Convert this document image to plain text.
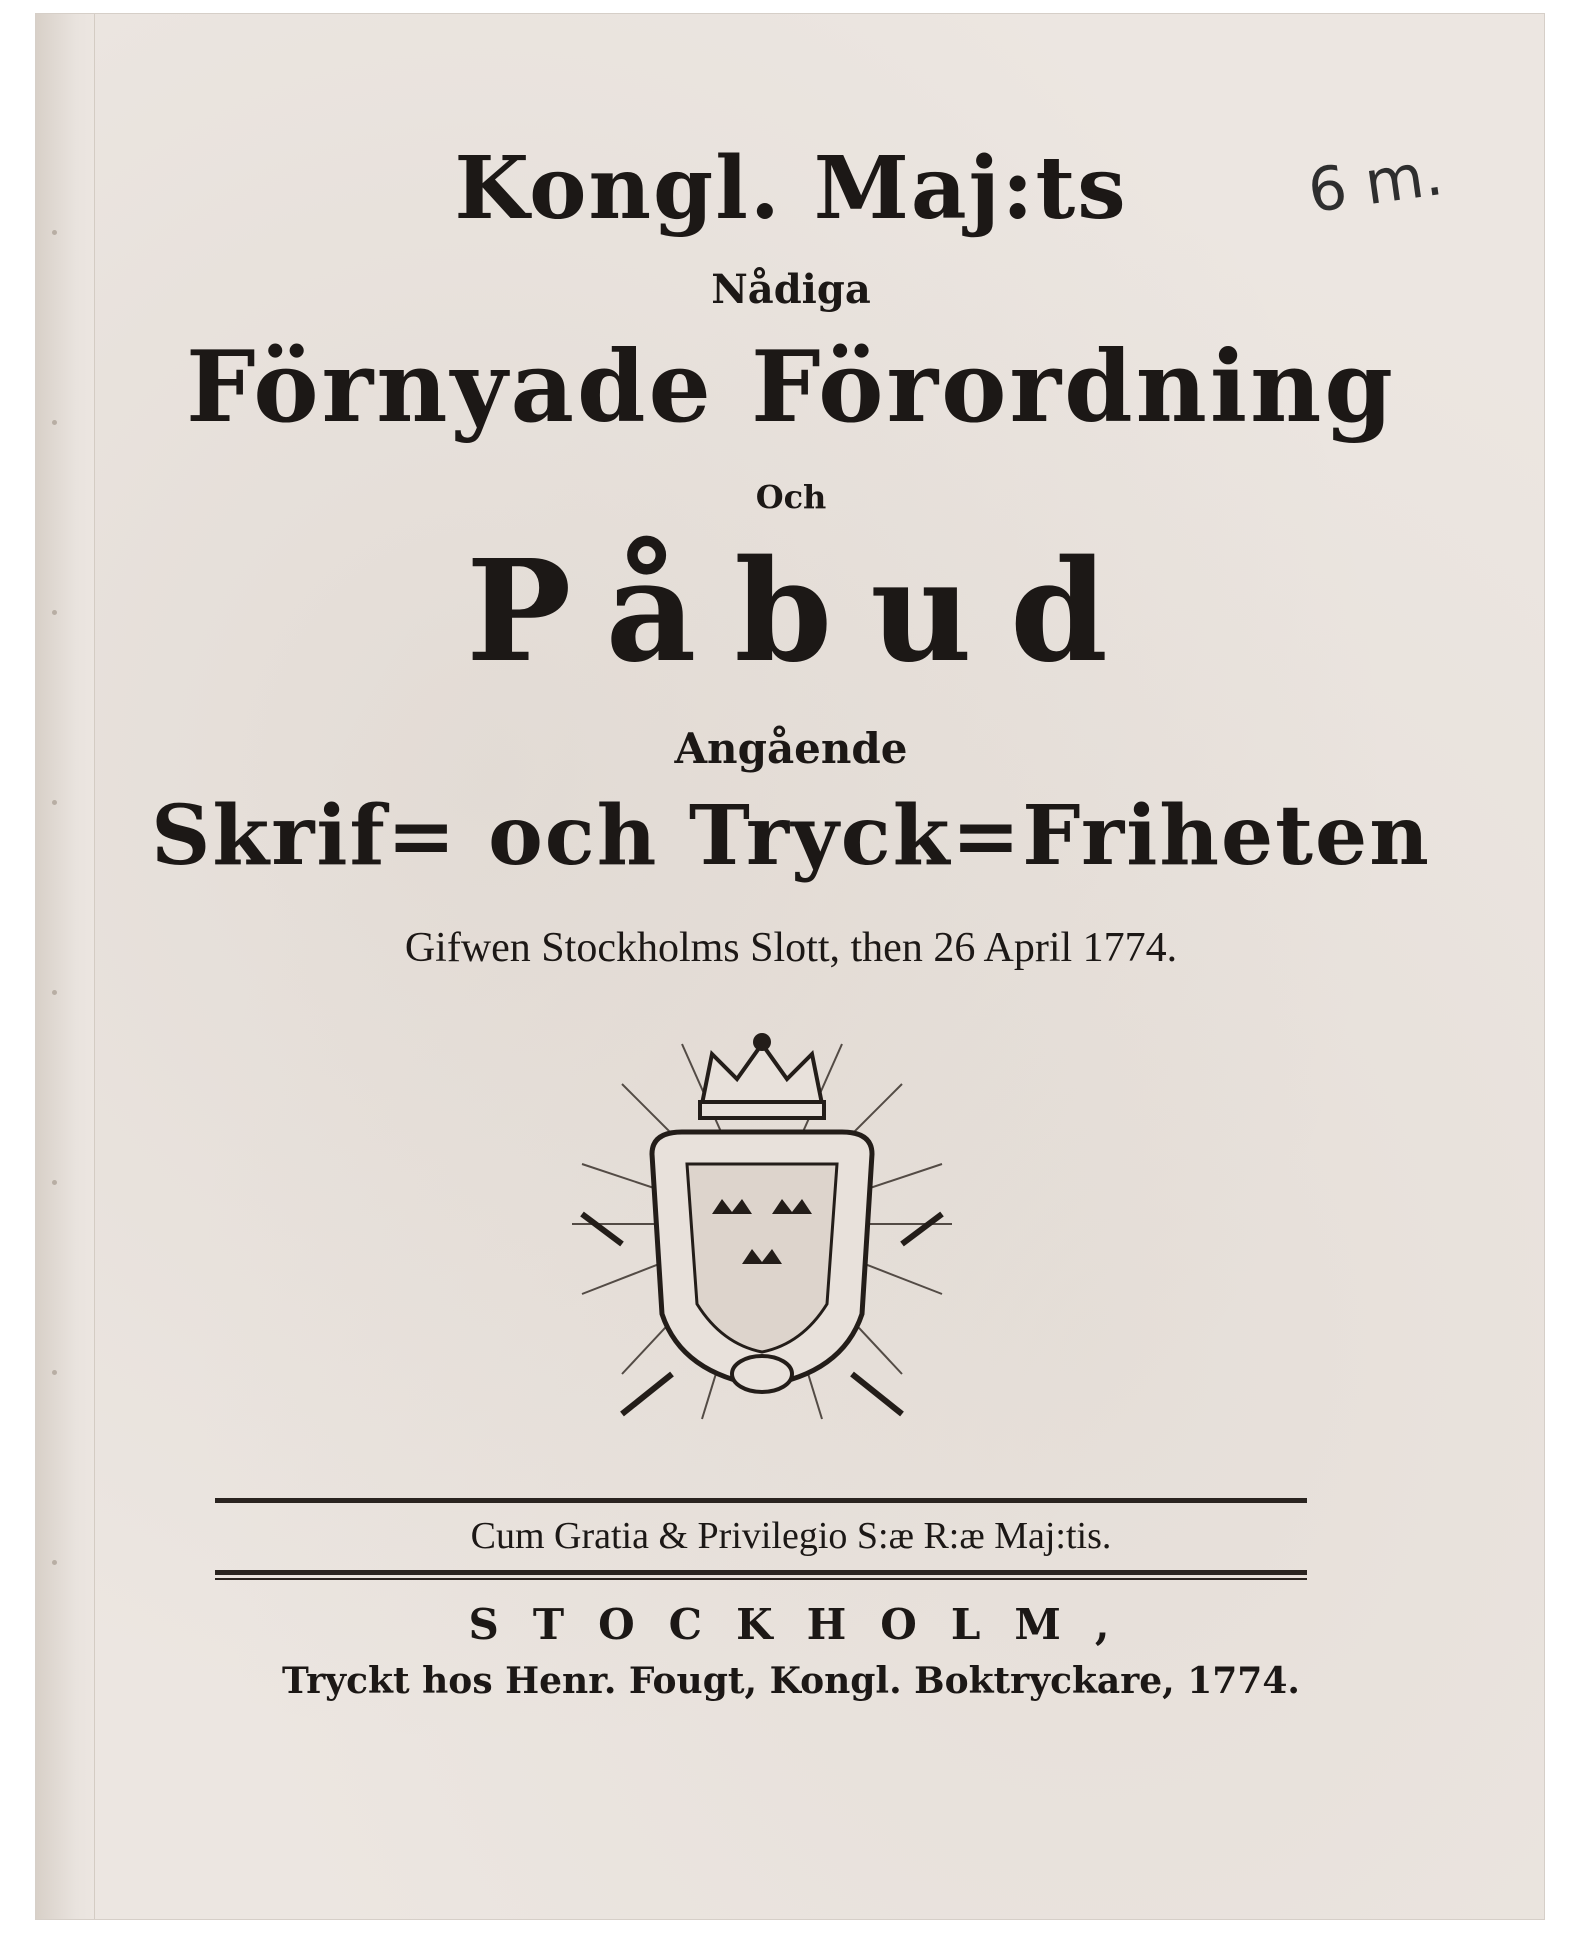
Kongl. Maj:ts
Nådiga
Förnyade Förordning
Och
Påbud
Angående
Skrif= och Tryck=Friheten
Gifwen Stockholms Slott, then 26 April 1774.
6 m.
Cum Gratia & Privilegio S:æ R:æ Maj:tis.
STOCKHOLM,
Tryckt hos Henr. Fougt, Kongl. Boktryckare, 1774.
